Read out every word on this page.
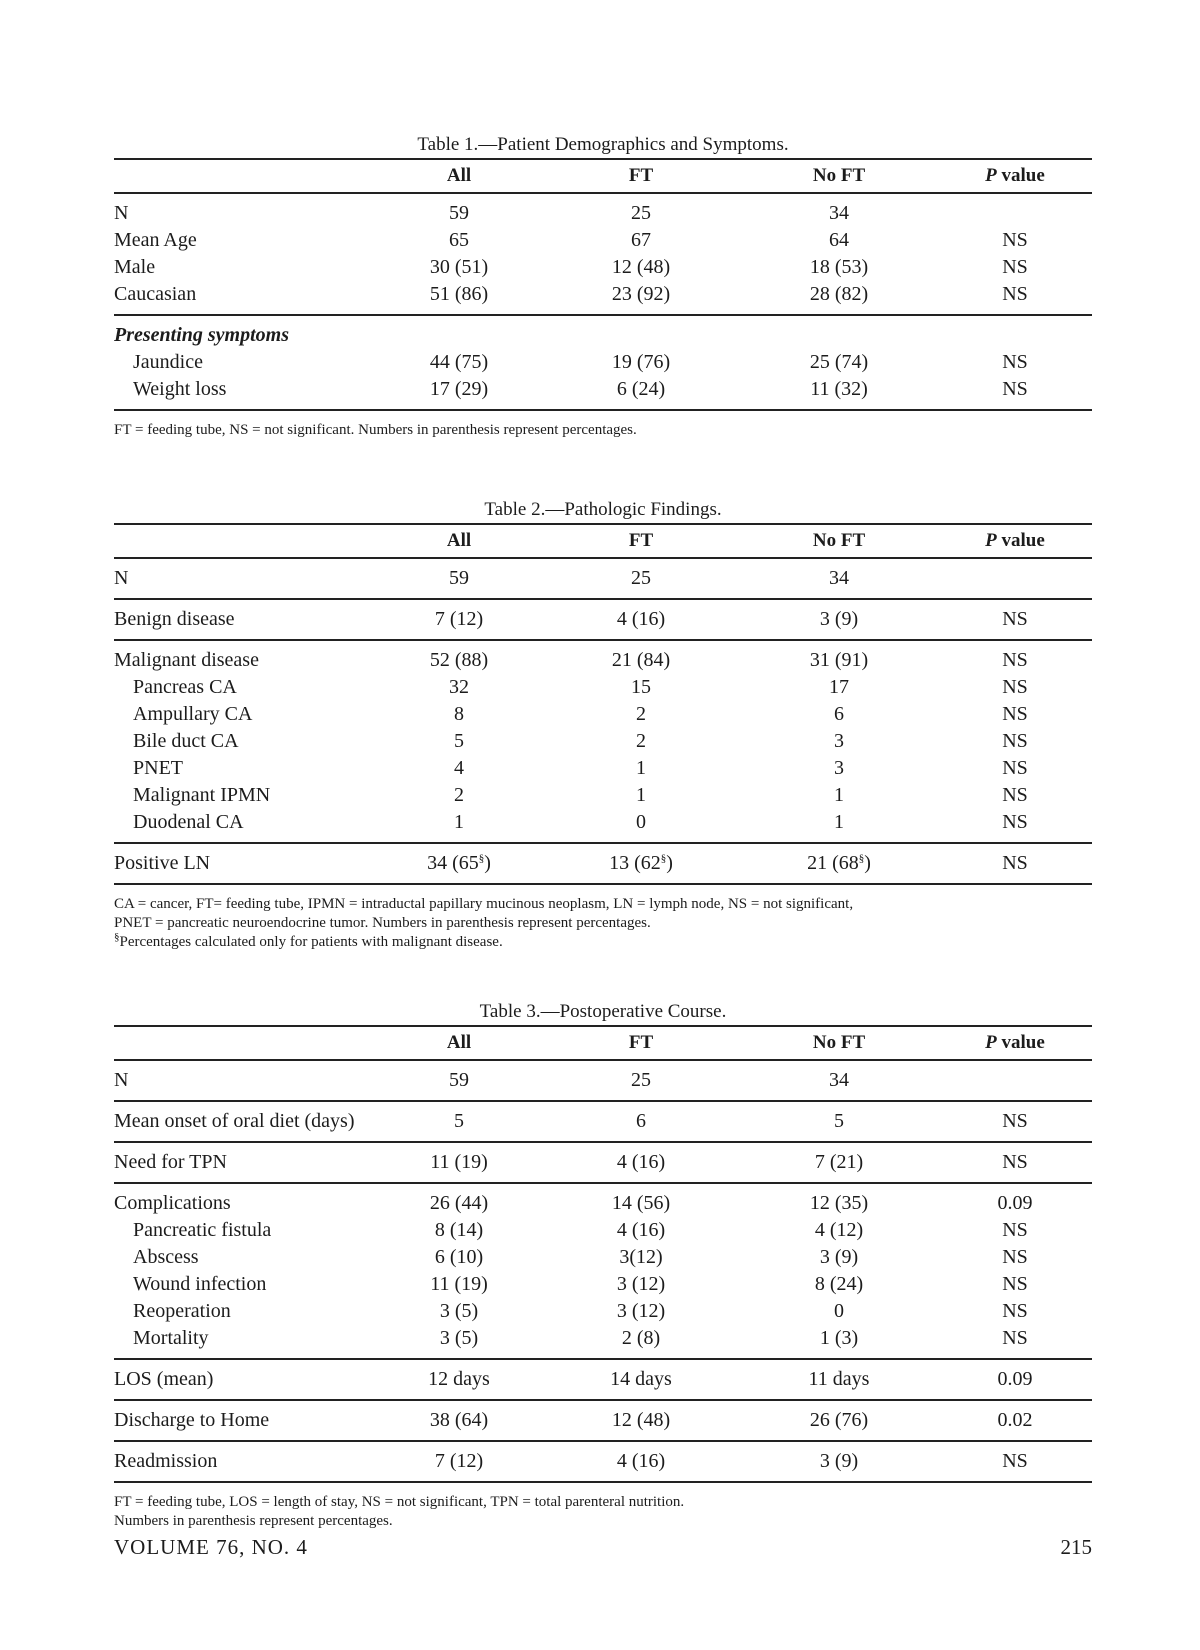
Table 1.—Patient Demographics and Symptoms.
	All	FT	No FT	P value
N	59	25	34	
Mean Age	65	67	64	NS
Male	30 (51)	12 (48)	18 (53)	NS
Caucasian	51 (86)	23 (92)	28 (82)	NS
Presenting symptoms				
Jaundice	44 (75)	19 (76)	25 (74)	NS
Weight loss	17 (29)	6 (24)	11 (32)	NS
FT = feeding tube, NS = not significant. Numbers in parenthesis represent percentages.
Table 2.—Pathologic Findings.
	All	FT	No FT	P value
N	59	25	34	
Benign disease	7 (12)	4 (16)	3 (9)	NS
Malignant disease	52 (88)	21 (84)	31 (91)	NS
Pancreas CA	32	15	17	NS
Ampullary CA	8	2	6	NS
Bile duct CA	5	2	3	NS
PNET	4	1	3	NS
Malignant IPMN	2	1	1	NS
Duodenal CA	1	0	1	NS
Positive LN	34 (65§)	13 (62§)	21 (68§)	NS
CA = cancer, FT= feeding tube, IPMN = intraductal papillary mucinous neoplasm, LN = lymph node, NS = not significant,
PNET = pancreatic neuroendocrine tumor. Numbers in parenthesis represent percentages.
§Percentages calculated only for patients with malignant disease.
Table 3.—Postoperative Course.
	All	FT	No FT	P value
N	59	25	34	
Mean onset of oral diet (days)	5	6	5	NS
Need for TPN	11 (19)	4 (16)	7 (21)	NS
Complications	26 (44)	14 (56)	12 (35)	0.09
Pancreatic fistula	8 (14)	4 (16)	4 (12)	NS
Abscess	6 (10)	3(12)	3 (9)	NS
Wound infection	11 (19)	3 (12)	8 (24)	NS
Reoperation	3 (5)	3 (12)	0	NS
Mortality	3 (5)	2 (8)	1 (3)	NS
LOS (mean)	12 days	14 days	11 days	0.09
Discharge to Home	38 (64)	12 (48)	26 (76)	0.02
Readmission	7 (12)	4 (16)	3 (9)	NS
FT = feeding tube, LOS = length of stay, NS = not significant, TPN = total parenteral nutrition.
Numbers in parenthesis represent percentages.
VOLUME 76, NO. 4	215
